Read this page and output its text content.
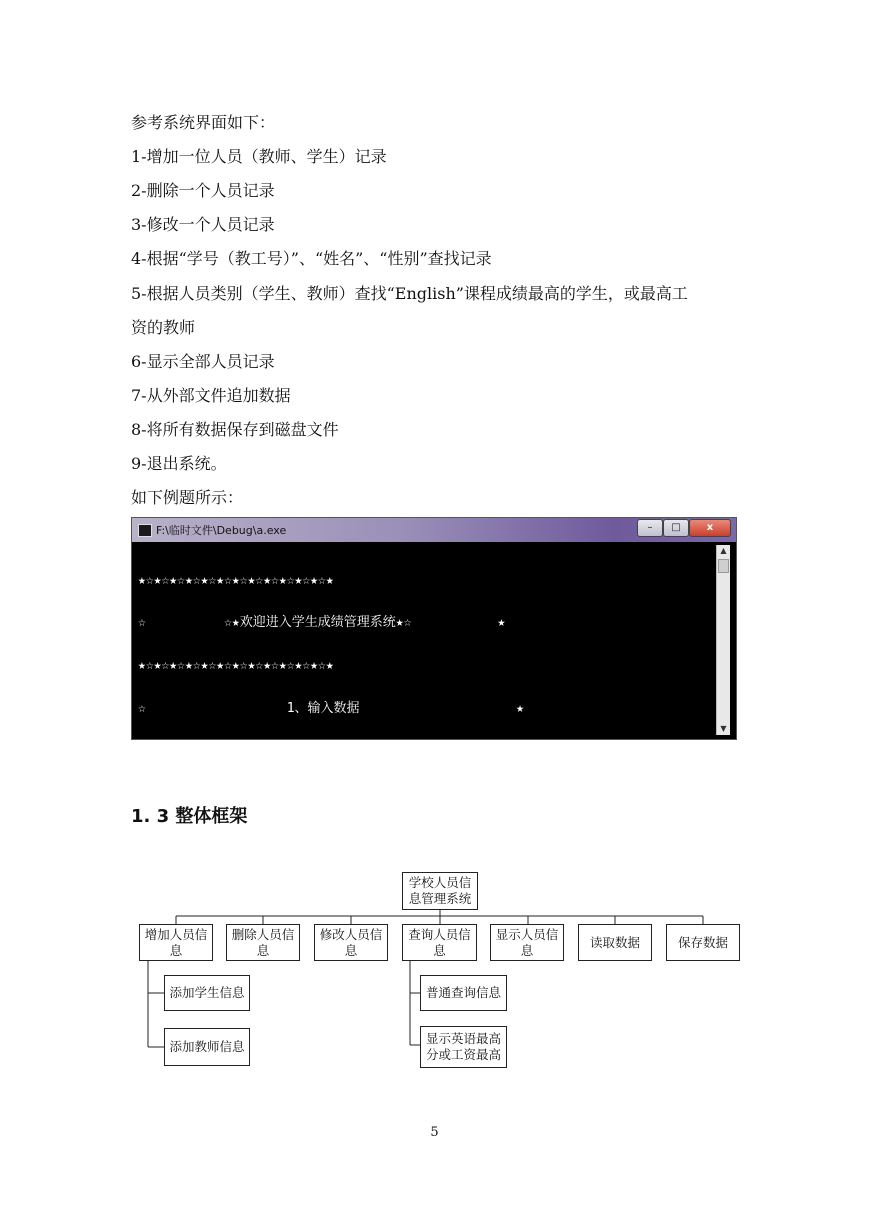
参考系统界面如下：
1-增加一位人员（教师、学生）记录
2-删除一个人员记录
3-修改一个人员记录
4-根据“学号（教工号）”、“姓名”、“性别”查找记录
5-根据人员类别（学生、教师）查找“English”课程成绩最高的学生，或最高工
资的教师
6-显示全部人员记录
7-从外部文件追加数据
8-将所有数据保存到磁盘文件
9-退出系统。
如下例题所示：
F:\临时文件\Debug\a.exe	–	□	x

★☆★☆★☆★☆★☆★☆★☆★☆★☆★☆★☆★☆★

☆          ☆★欢迎进入学生成绩管理系统★☆           ★

★☆★☆★☆★☆★☆★☆★☆★☆★☆★☆★☆★☆★

☆                  1、输入数据                    ★

▲
▼
1. 3 整体框架
学校人员信
息管理系统
增加人员信
息
删除人员信
息
修改人员信
息
查询人员信
息
显示人员信
息
读取数据	保存数据
添加学生信息
添加教师信息
普通查询信息
显示英语最高
分或工资最高
5
